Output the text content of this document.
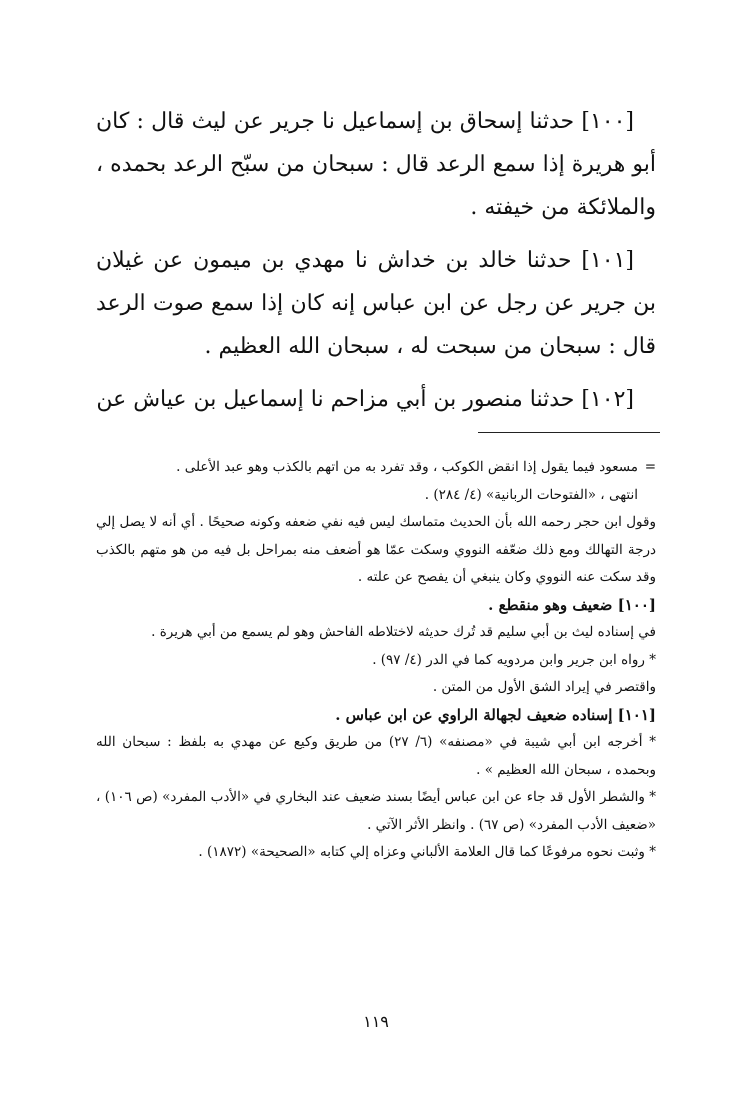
[١٠٠] حدثنا إسحاق بن إسماعيل نا جرير عن ليث قال : كان أبو هريرة إذا سمع الرعد قال : سبحان من سبّح الرعد بحمده ، والملائكة من خيفته .

[١٠١] حدثنا خالد بن خداش نا مهدي بن ميمون عن غيلان بن جرير عن رجل عن ابن عباس إنه كان إذا سمع صوت الرعد قال : سبحان من سبحت له ، سبحان الله العظيم .

[١٠٢] حدثنا منصور بن أبي مزاحم نا إسماعيل بن عياش عن

=

مسعود فيما يقول إذا انقض الكوكب ، وقد تفرد به من اتهم بالكذب وهو عبد الأعلى .

انتهى ، «الفتوحات الربانية» (٤/ ٢٨٤) .

وقول ابن حجر رحمه الله بأن الحديث متماسك ليس فيه نفي ضعفه وكونه صحيحًا . أي أنه لا يصل إلي درجة التهالك ومع ذلك ضعّفه النووي وسكت عمّا هو أضعف منه بمراحل بل فيه من هو متهم بالكذب وقد سكت عنه النووي وكان ينبغي أن يفصح عن علته .

[١٠٠] ضعيف وهو منقطع .

في إسناده ليث بن أبي سليم قد تُرك حديثه لاختلاطه الفاحش وهو لم يسمع من أبي هريرة .

* رواه ابن جرير وابن مردويه كما في الدر (٤/ ٩٧) .

واقتصر في إيراد الشق الأول من المتن .

[١٠١] إسناده ضعيف لجهالة الراوي عن ابن عباس .

* أخرجه ابن أبي شيبة في «مصنفه» (٦/ ٢٧) من طريق وكيع عن مهدي به بلفظ : سبحان الله وبحمده ، سبحان الله العظيم » .

* والشطر الأول قد جاء عن ابن عباس أيضًا بسند ضعيف عند البخاري في «الأدب المفرد» (ص ١٠٦) ، «ضعيف الأدب المفرد» (ص ٦٧) . وانظر الأثر الآتي .

* وثبت نحوه مرفوعًا كما قال العلامة الألباني وعزاه إلي كتابه «الصحيحة» (١٨٧٢) .

١١٩
